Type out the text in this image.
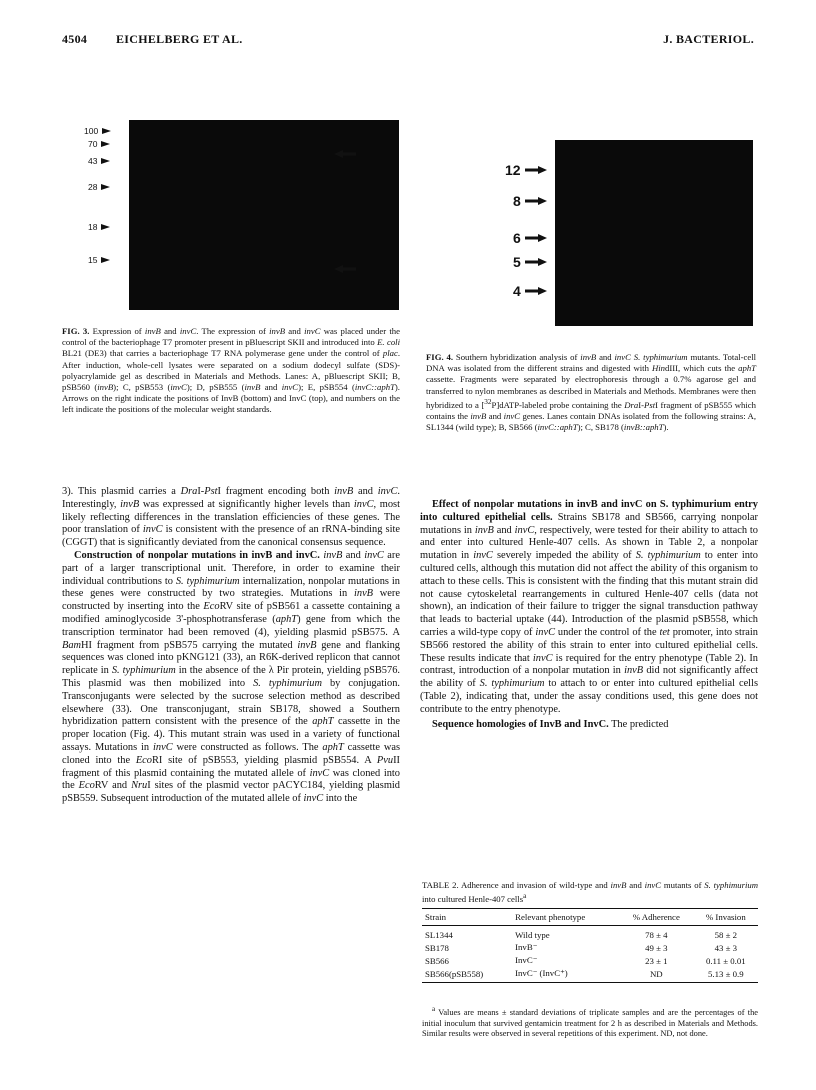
4504 EICHELBERG ET AL.	J. BACTERIOL.
100
70
43
28
18
15
FIG. 3. Expression of invB and invC. The expression of invB and invC was placed under the control of the bacteriophage T7 promoter present in pBluescript SKII and introduced into E. coli BL21 (DE3) that carries a bacteriophage T7 RNA polymerase gene under the control of plac. After induction, whole-cell lysates were separated on a sodium dodecyl sulfate (SDS)-polyacrylamide gel as described in Materials and Methods. Lanes: A, pBluescript SKII; B, pSB560 (invB); C, pSB553 (invC); D, pSB555 (invB and invC); E, pSB554 (invC::aphT). Arrows on the right indicate the positions of InvB (bottom) and InvC (top), and numbers on the left indicate the positions of the molecular weight standards.
12
8
6
5
4
FIG. 4. Southern hybridization analysis of invB and invC S. typhimurium mutants. Total-cell DNA was isolated from the different strains and digested with HindIII, which cuts the aphT cassette. Fragments were separated by electrophoresis through a 0.7% agarose gel and transferred to nylon membranes as described in Materials and Methods. Membranes were then hybridized to a [$^{32}$P]dATP-labeled probe containing the DraI-PstI fragment of pSB555 which contains the invB and invC genes. Lanes contain DNAs isolated from the following strains: A, SL1344 (wild type); B, SB566 (invC::aphT); C, SB178 (invB::aphT).

3). This plasmid carries a DraI-PstI fragment encoding both invB and invC. Interestingly, invB was expressed at significantly higher levels than invC, most likely reflecting differences in the translation efficiencies of these genes. The poor translation of invC is consistent with the presence of an rRNA-binding site (CGGT) that is significantly deviated from the canonical consensus sequence.

Construction of nonpolar mutations in invB and invC. invB and invC are part of a larger transcriptional unit. Therefore, in order to examine their individual contributions to S. typhimurium internalization, nonpolar mutations in these genes were constructed by two strategies. Mutations in invB were constructed by inserting into the EcoRV site of pSB561 a cassette containing a modified aminoglycoside 3'-phosphotransferase (aphT) gene from which the transcription terminator had been removed (4), yielding plasmid pSB575. A BamHI fragment from pSB575 carrying the mutated invB gene and flanking sequences was cloned into pKNG121 (33), an R6K-derived replicon that cannot replicate in S. typhimurium in the absence of the λ Pir protein, yielding pSB576. This plasmid was then mobilized into S. typhimurium by conjugation. Transconjugants were selected by the sucrose selection method as described elsewhere (33). One transconjugant, strain SB178, showed a Southern hybridization pattern consistent with the presence of the aphT cassette in the proper location (Fig. 4). This mutant strain was used in a variety of functional assays. Mutations in invC were constructed as follows. The aphT cassette was cloned into the EcoRI site of pSB553, yielding plasmid pSB554. A PvuII fragment of this plasmid containing the mutated allele of invC was cloned into the EcoRV and NruI sites of the plasmid vector pACYC184, yielding plasmid pSB559. Subsequent introduction of the mutated allele of invC into the

Effect of nonpolar mutations in invB and invC on S. typhimurium entry into cultured epithelial cells. Strains SB178 and SB566, carrying nonpolar mutations in invB and invC, respectively, were tested for their ability to attach to and enter into cultured Henle-407 cells. As shown in Table 2, a nonpolar mutation in invC severely impeded the ability of S. typhimurium to enter into cultured cells, although this mutation did not affect the ability of this organism to attach to these cells. This is consistent with the finding that this mutant strain did not cause cytoskeletal rearrangements in cultured Henle-407 cells (data not shown), an indication of their failure to trigger the signal transduction pathway that leads to bacterial uptake (44). Introduction of the plasmid pSB558, which carries a wild-type copy of invC under the control of the tet promoter, into strain SB566 restored the ability of this strain to enter into cultured epithelial cells. These results indicate that invC is required for the entry phenotype (Table 2). In contrast, introduction of a nonpolar mutation in invB did not significantly affect the ability of S. typhimurium to attach to or enter into cultured epithelial cells (Table 2), indicating that, under the assay conditions used, this gene does not contribute to the entry phenotype.

Sequence homologies of InvB and InvC. The predicted

TABLE 2. Adherence and invasion of wild-type and invB and invC mutants of S. typhimurium into cultured Henle-407 cells$^a$
Strain	Relevant phenotype	% Adherence	% Invasion
SL1344	Wild type	78 ± 4	58 ± 2
SB178	InvB⁻	49 ± 3	43 ± 3
SB566	InvC⁻	23 ± 1	0.11 ± 0.01
SB566(pSB558)	InvC⁻ (InvC⁺)	ND	5.13 ± 0.9
$^a$ Values are means ± standard deviations of triplicate samples and are the percentages of the initial inoculum that survived gentamicin treatment for 2 h as described in Materials and Methods. Similar results were observed in several repetitions of this experiment. ND, not done.
